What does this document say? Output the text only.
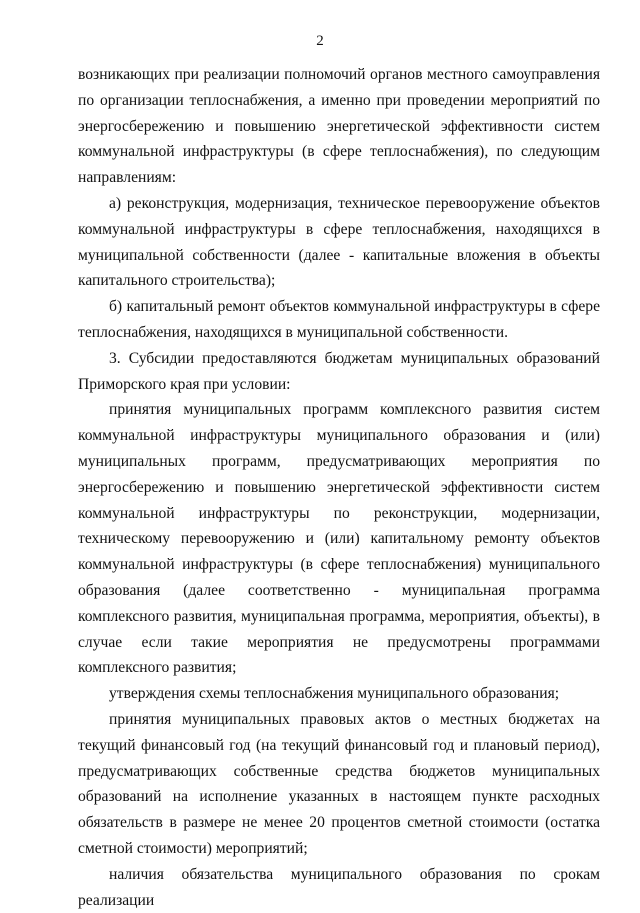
2

возникающих при реализации полномочий органов местного самоуправления по организации теплоснабжения, а именно при проведении мероприятий по энергосбережению и повышению энергетической эффективности систем коммунальной инфраструктуры (в сфере теплоснабжения), по следующим направлениям:

а) реконструкция, модернизация, техническое перевооружение объектов коммунальной инфраструктуры в сфере теплоснабжения, находящихся в муниципальной собственности (далее - капитальные вложения в объекты капитального строительства);

б) капитальный ремонт объектов коммунальной инфраструктуры в сфере теплоснабжения, находящихся в муниципальной собственности.

3. Субсидии предоставляются бюджетам муниципальных образований Приморского края при условии:

принятия муниципальных программ комплексного развития систем коммунальной инфраструктуры муниципального образования и (или) муниципальных программ, предусматривающих мероприятия по энергосбережению и повышению энергетической эффективности систем коммунальной инфраструктуры по реконструкции, модернизации, техническому перевооружению и (или) капитальному ремонту объектов коммунальной инфраструктуры (в сфере теплоснабжения) муниципального образования (далее соответственно - муниципальная программа комплексного развития, муниципальная программа, мероприятия, объекты), в случае если такие мероприятия не предусмотрены программами комплексного развития;

утверждения схемы теплоснабжения муниципального образования;

принятия муниципальных правовых актов о местных бюджетах на текущий финансовый год (на текущий финансовый год и плановый период), предусматривающих собственные средства бюджетов муниципальных образований на исполнение указанных в настоящем пункте расходных обязательств в размере не менее 20 процентов сметной стоимости (остатка сметной стоимости) мероприятий;

наличия обязательства муниципального образования по срокам реализации
